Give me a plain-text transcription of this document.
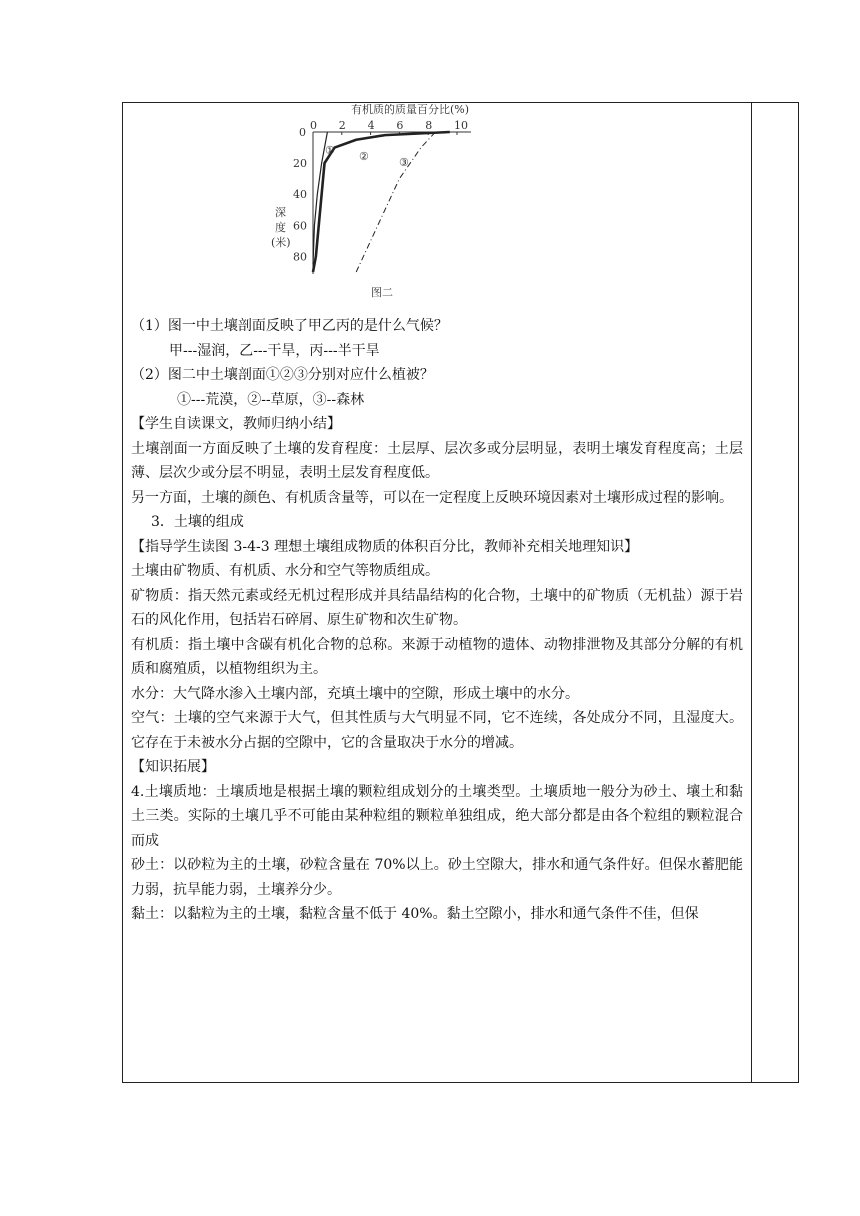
有机质的质量百分比(%)
0 2 4 6 8 10
0
20
40
60
80
深
度
(米)
① ②	③
图二

（1）图一中土壤剖面反映了甲乙丙的是什么气候？

甲---湿润，乙---干旱，丙---半干旱

（2）图二中土壤剖面①②③分别对应什么植被？

①---荒漠，②--草原，③--森林

【学生自读课文，教师归纳小结】

土壤剖面一方面反映了土壤的发育程度：土层厚、层次多或分层明显，表明土壤发育程度高；土层薄、层次少或分层不明显，表明土层发育程度低。

另一方面，土壤的颜色、有机质含量等，可以在一定程度上反映环境因素对土壤形成过程的影响。

3．土壤的组成

【指导学生读图 3-4-3 理想土壤组成物质的体积百分比，教师补充相关地理知识】

土壤由矿物质、有机质、水分和空气等物质组成。

矿物质：指天然元素或经无机过程形成并具结晶结构的化合物，土壤中的矿物质（无机盐）源于岩石的风化作用，包括岩石碎屑、原生矿物和次生矿物。

有机质：指土壤中含碳有机化合物的总称。来源于动植物的遗体、动物排泄物及其部分分解的有机质和腐殖质，以植物组织为主。

水分：大气降水渗入土壤内部，充填土壤中的空隙，形成土壤中的水分。

空气：土壤的空气来源于大气，但其性质与大气明显不同，它不连续，各处成分不同，且湿度大。它存在于未被水分占据的空隙中，它的含量取决于水分的增减。

【知识拓展】

4.土壤质地：土壤质地是根据土壤的颗粒组成划分的土壤类型。土壤质地一般分为砂土、壤土和黏土三类。实际的土壤几乎不可能由某种粒组的颗粒单独组成，绝大部分都是由各个粒组的颗粒混合而成

砂土：以砂粒为主的土壤，砂粒含量在 70%以上。砂土空隙大，排水和通气条件好。但保水蓄肥能力弱，抗旱能力弱，土壤养分少。

黏土：以黏粒为主的土壤，黏粒含量不低于 40%。黏土空隙小，排水和通气条件不佳，但保
